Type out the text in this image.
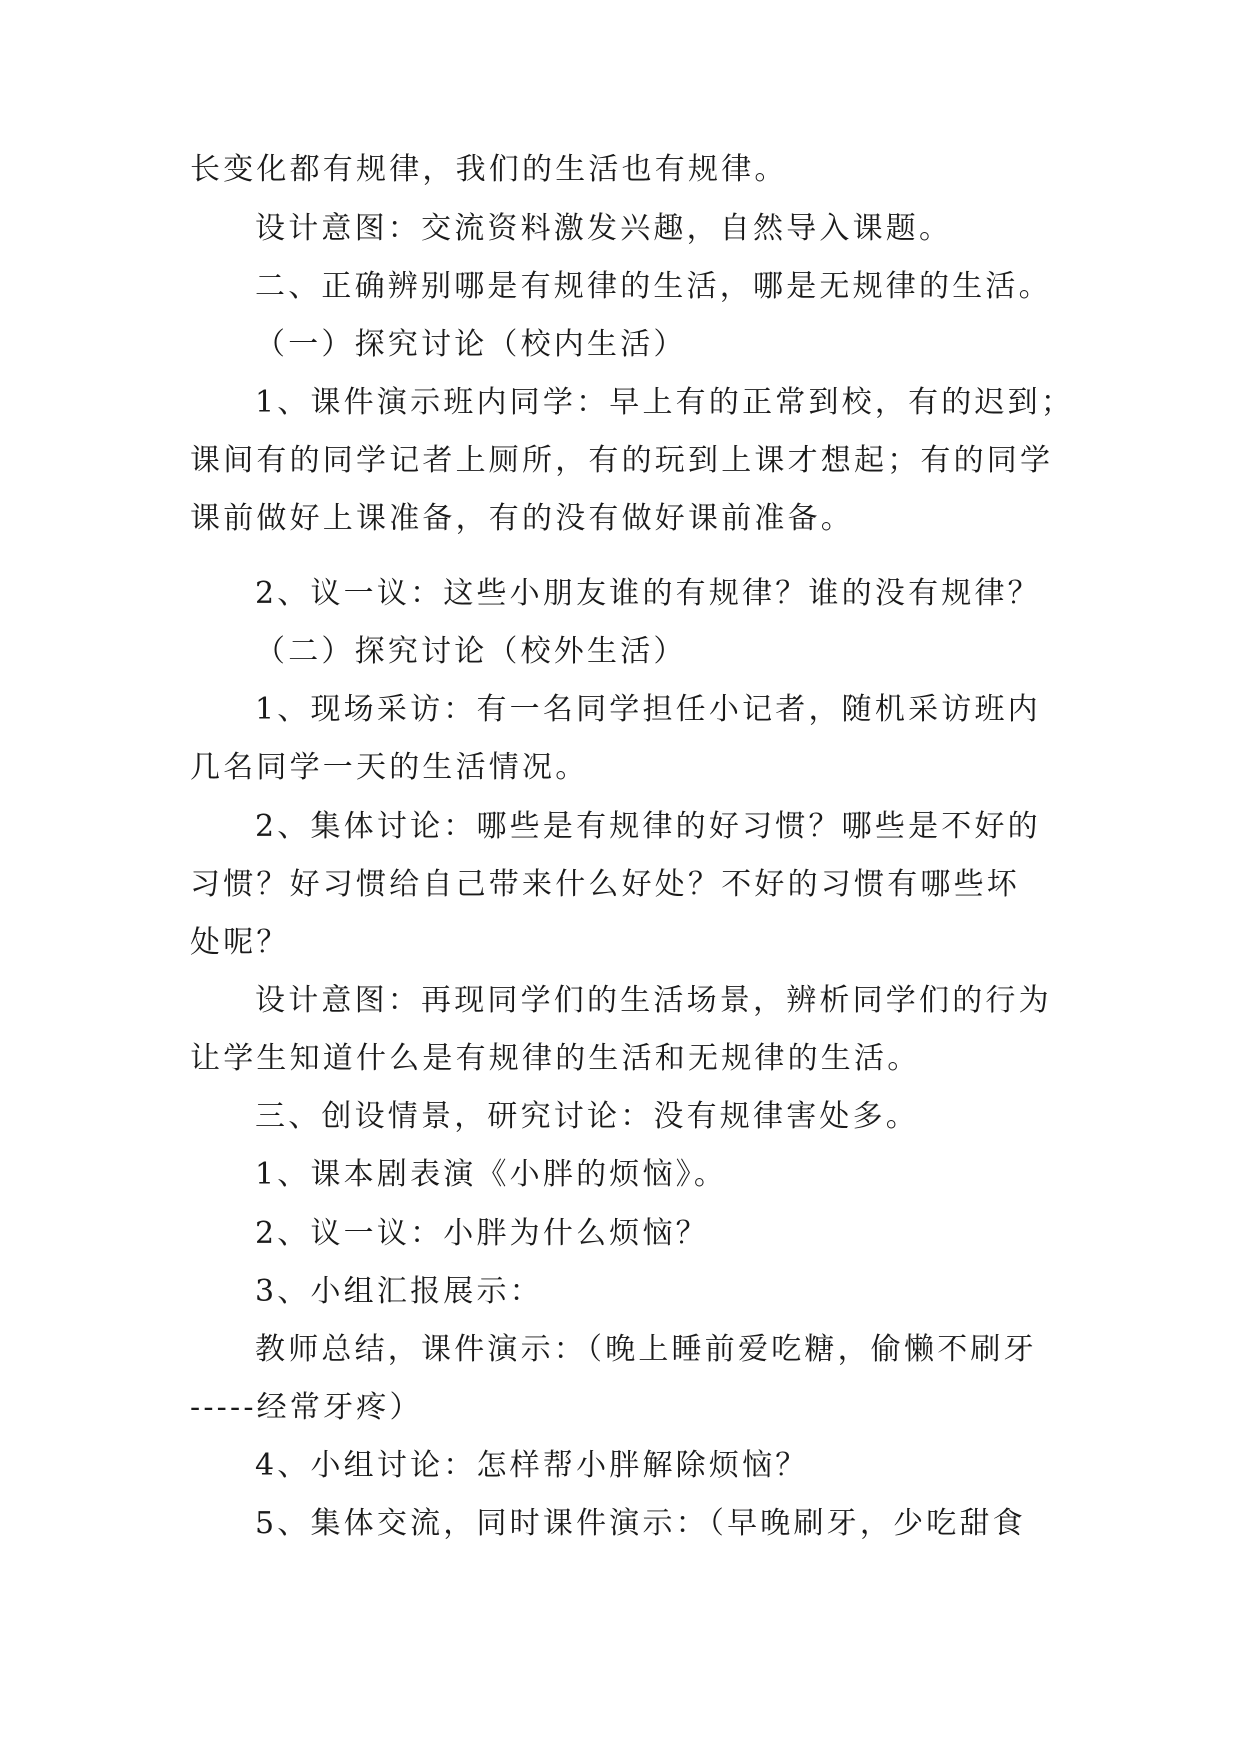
长变化都有规律，我们的生活也有规律。

设计意图：交流资料激发兴趣，自然导入课题。

二、正确辨别哪是有规律的生活，哪是无规律的生活。

（一）探究讨论（校内生活）

1、课件演示班内同学：早上有的正常到校，有的迟到；

课间有的同学记者上厕所，有的玩到上课才想起；有的同学

课前做好上课准备，有的没有做好课前准备。

2、议一议：这些小朋友谁的有规律？谁的没有规律？

（二）探究讨论（校外生活）

1、现场采访：有一名同学担任小记者，随机采访班内

几名同学一天的生活情况。

2、集体讨论：哪些是有规律的好习惯？哪些是不好的

习惯？好习惯给自己带来什么好处？不好的习惯有哪些坏

处呢？

设计意图：再现同学们的生活场景，辨析同学们的行为

让学生知道什么是有规律的生活和无规律的生活。

三、创设情景，研究讨论：没有规律害处多。

1、课本剧表演《小胖的烦恼》。

2、议一议：小胖为什么烦恼？

3、小组汇报展示：

教师总结，课件演示：（晚上睡前爱吃糖，偷懒不刷牙

-----经常牙疼）

4、小组讨论：怎样帮小胖解除烦恼？

5、集体交流，同时课件演示：（早晚刷牙，少吃甜食
